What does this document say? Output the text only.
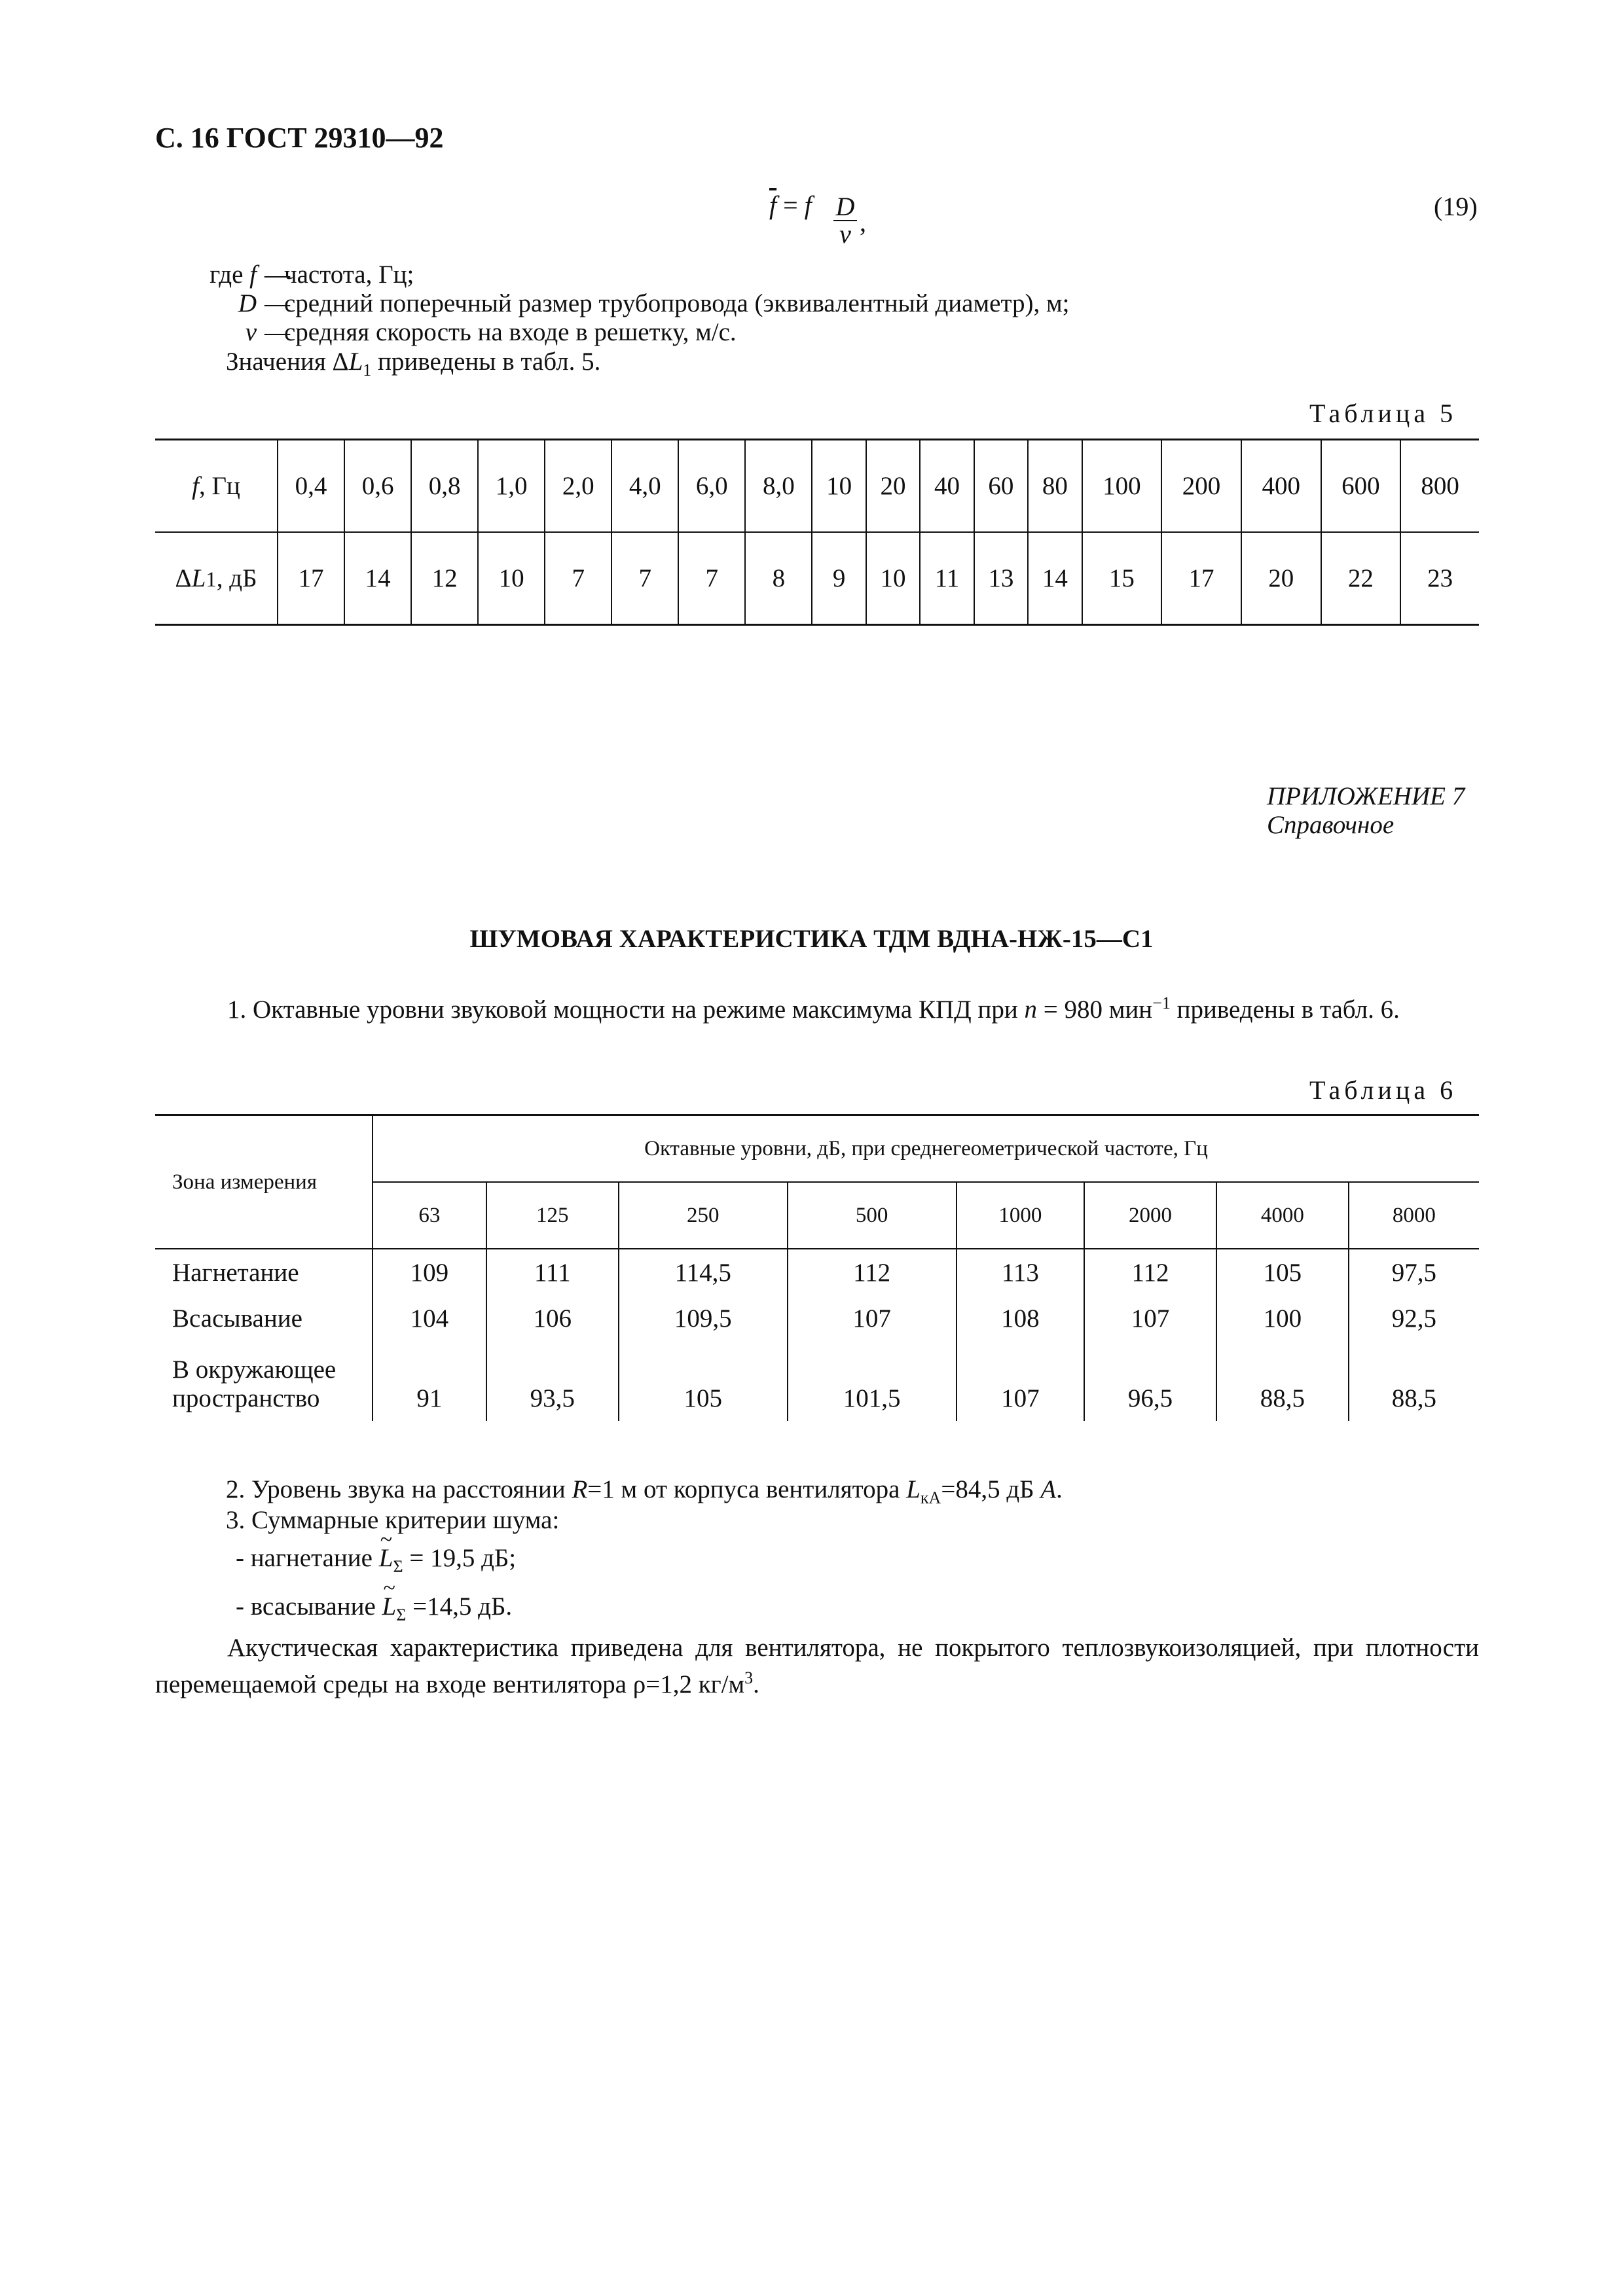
С. 16 ГОСТ 29310—92
$\overline{f} = f \frac{D}{v}$ ,
(19)
где f —
частота, Гц;
D —
средний поперечный размер трубопровода (эквивалентный диаметр), м;
v —
средняя скорость на входе в решетку, м/с.
Значения $\Delta L_1$ приведены в табл. 5.
Таблица 5
f, Гц	0,4	0,6	0,8	1,0	2,0	4,0	6,0	8,0	10	20	40	60	80	100	200	400	600	800
ΔL1, дБ	17	14	12	10	7	7	7	8	9	10	11	13	14	15	17	20	22	23
ПРИЛОЖЕНИЕ 7
Справочное
ШУМОВАЯ ХАРАКТЕРИСТИКА ТДМ ВДНА-НЖ-15—С1
1. Октавные уровни звуковой мощности на режиме максимума КПД при n = 980 мин$^{-1}$ приведены в табл. 6.
Таблица 6
Зона измерения	Октавные уровни, дБ, при среднегеометрической частоте, Гц							
	63	125	250	500	1000	2000	4000	8000
Нагнетание	109	111	114,5	112	113	112	105	97,5
Всасывание	104	106	109,5	107	108	107	100	92,5

В окружающее
пространство	91	93,5	105	101,5	107	96,5	88,5	88,5
2. Уровень звука на расстоянии R=1 м от корпуса вентилятора $L_{кА}=84,5$ дБ A.
3. Суммарные критерии шума:
- нагнетание ~ $L_\Sigma = 19,5$ дБ;
- всасывание ~ $L_\Sigma =14,5$ дБ.
Акустическая характеристика приведена для вентилятора, не покрытого теплозвукоизоляцией, при плотности перемещаемой среды на входе вентилятора ρ=1,2 $кг/м^3$.
